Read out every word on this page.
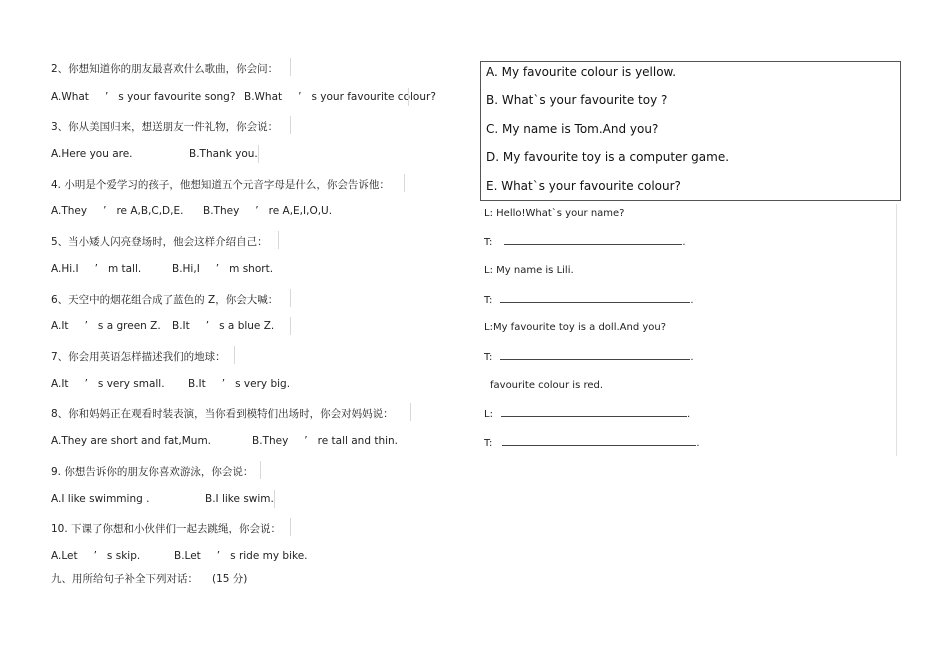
2、你想知道你的朋友最喜欢什么歌曲，你会问：
A.What ’ s your favourite song? B.What ’ s your favourite colour?
3、你从美国归来，想送朋友一件礼物，你会说：
A.Here you are.	B.Thank you.
4. 小明是个爱学习的孩子，他想知道五个元音字母是什么，你会告诉他：
A.They ’ re A,B,C,D,E. B.They ’ re A,E,I,O,U.
5、当小矮人闪亮登场时，他会这样介绍自己：
A.Hi.I ’ m tall.	B.Hi,I ’ m short.
6、天空中的烟花组合成了蓝色的 Z，你会大喊：
A.It ’ s a green Z. B.It ’ s a blue Z.
7、你会用英语怎样描述我们的地球：
A.It ’ s very small. B.It ’ s very big.
8、你和妈妈正在观看时装表演，当你看到模特们出场时，你会对妈妈说：
A.They are short and fat,Mum.	B.They ’ re tall and thin.
9. 你想告诉你的朋友你喜欢游泳，你会说：
A.I like swimming .	B.I like swim.
10. 下课了你想和小伙伴们一起去跳绳，你会说：
A.Let ’ s skip.	B.Let ’ s ride my bike.
九、用所给句子补全下列对话： (15 分)
A. My favourite colour is yellow.
B. What`s your favourite toy ?
C. My name is Tom.And you?
D. My favourite toy is a computer game.
E. What`s your favourite colour?
L: Hello!What`s your name?
T:	.
L: My name is Lili.
T:	.
L:My favourite toy is a doll.And you?
T:	.
favourite colour is red.
L:	.
T:	.
